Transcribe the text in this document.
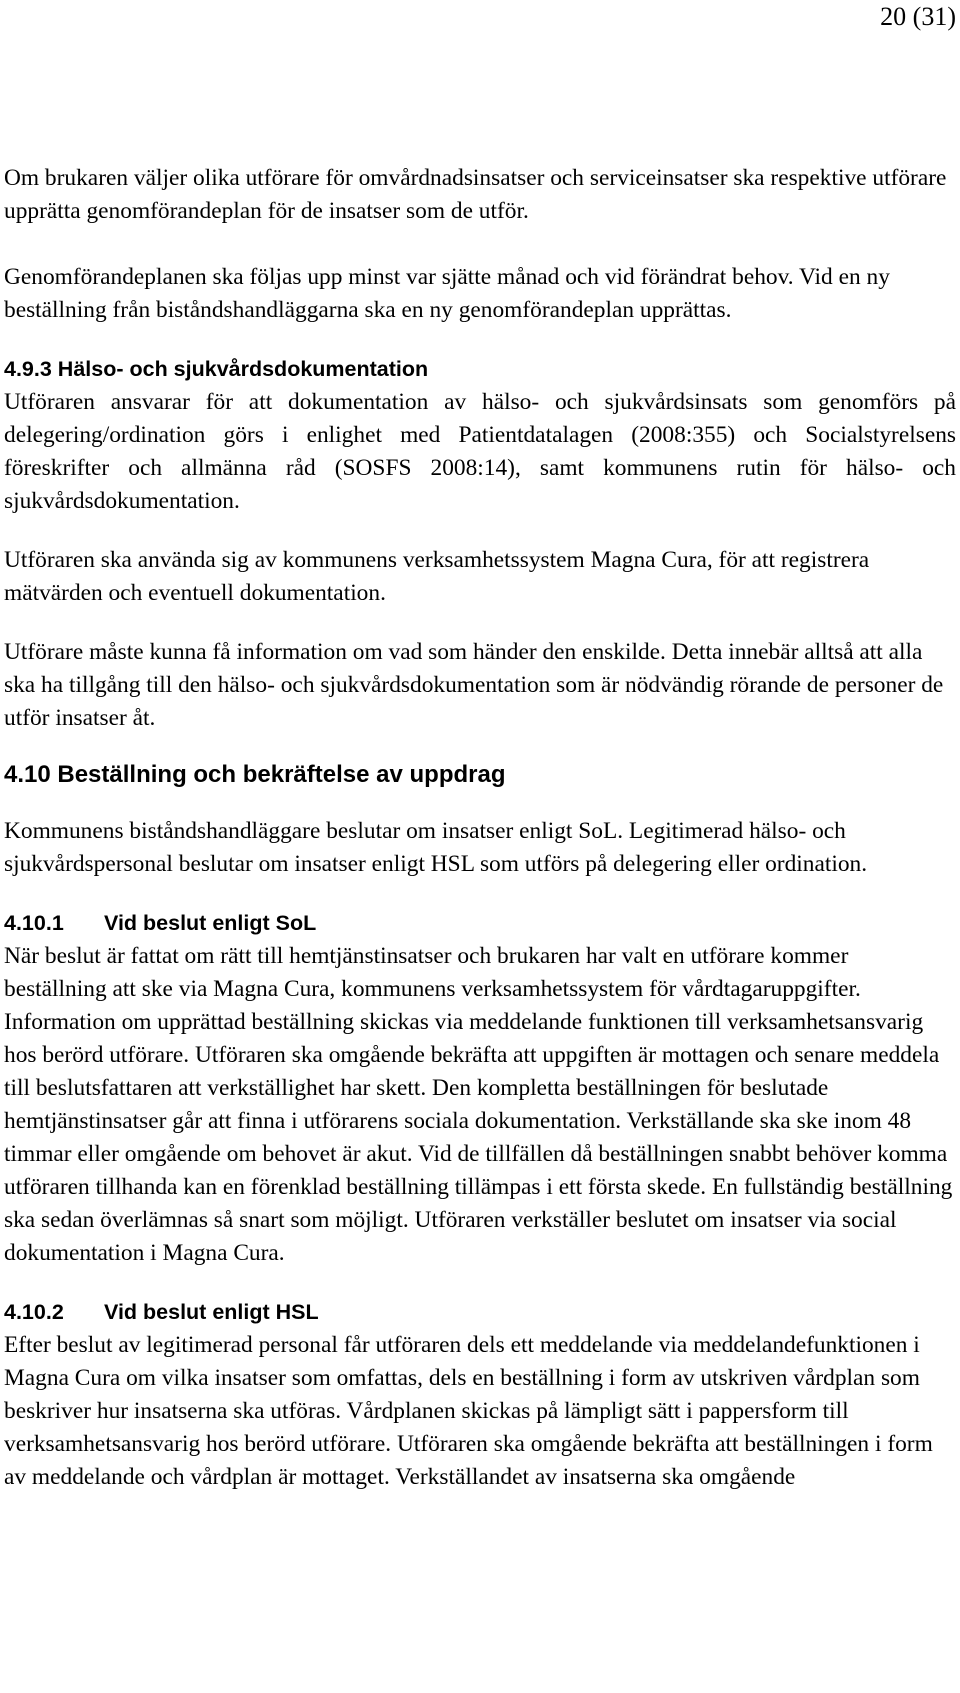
20 (31)

Om brukaren väljer olika utförare för omvårdnadsinsatser och serviceinsatser ska respektive utförare upprätta genomförandeplan för de insatser som de utför.

Genomförandeplanen ska följas upp minst var sjätte månad och vid förändrat behov. Vid en ny beställning från biståndshandläggarna ska en ny genomförandeplan upprättas.

4.9.3 Hälso- och sjukvårdsdokumentation

Utföraren ansvarar för att dokumentation av hälso- och sjukvårdsinsats som genomförs på delegering/ordination görs i enlighet med Patientdatalagen (2008:355) och Socialstyrelsens föreskrifter och allmänna råd (SOSFS 2008:14), samt kommunens rutin för hälso- och sjukvårdsdokumentation.

Utföraren ska använda sig av kommunens verksamhetssystem Magna Cura, för att registrera mätvärden och eventuell dokumentation.

Utförare måste kunna få information om vad som händer den enskilde. Detta innebär alltså att alla ska ha tillgång till den hälso- och sjukvårdsdokumentation som är nödvändig rörande de personer de utför insatser åt.

4.10 Beställning och bekräftelse av uppdrag

Kommunens biståndshandläggare beslutar om insatser enligt SoL. Legitimerad hälso- och sjukvårdspersonal beslutar om insatser enligt HSL som utförs på delegering eller ordination.

4.10.1 Vid beslut enligt SoL

När beslut är fattat om rätt till hemtjänstinsatser och brukaren har valt en utförare kommer beställning att ske via Magna Cura, kommunens verksamhetssystem för vårdtagaruppgifter. Information om upprättad beställning skickas via meddelande funktionen till verksamhetsansvarig hos berörd utförare. Utföraren ska omgående bekräfta att uppgiften är mottagen och senare meddela till beslutsfattaren att verkställighet har skett. Den kompletta beställningen för beslutade hemtjänstinsatser går att finna i utförarens sociala dokumentation. Verkställande ska ske inom 48 timmar eller omgående om behovet är akut. Vid de tillfällen då beställningen snabbt behöver komma utföraren tillhanda kan en förenklad beställning tillämpas i ett första skede. En fullständig beställning ska sedan överlämnas så snart som möjligt. Utföraren verkställer beslutet om insatser via social dokumentation i Magna Cura.

4.10.2 Vid beslut enligt HSL

Efter beslut av legitimerad personal får utföraren dels ett meddelande via meddelandefunktionen i Magna Cura om vilka insatser som omfattas, dels en beställning i form av utskriven vårdplan som beskriver hur insatserna ska utföras. Vårdplanen skickas på lämpligt sätt i pappersform till verksamhetsansvarig hos berörd utförare. Utföraren ska omgående bekräfta att beställningen i form av meddelande och vårdplan är mottaget. Verkställandet av insatserna ska omgående
